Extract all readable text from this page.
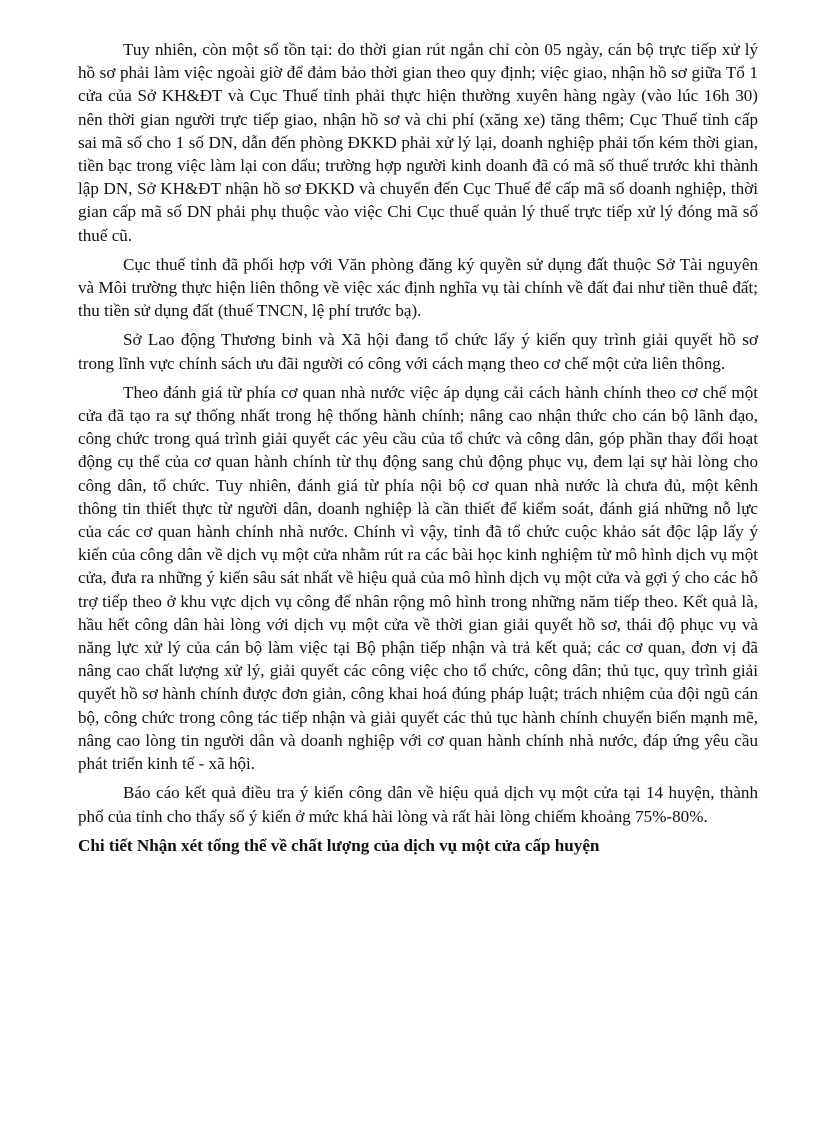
Tuy nhiên, còn một số tồn tại: do thời gian rút ngắn chỉ còn 05 ngày, cán bộ trực tiếp xử lý hồ sơ phải làm việc ngoài giờ để đảm bảo thời gian theo quy định; việc giao, nhận hồ sơ giữa Tổ 1 cửa của Sở KH&ĐT và Cục Thuế tỉnh phải thực hiện thường xuyên hàng ngày (vào lúc 16h 30) nên thời gian người trực tiếp giao, nhận hồ sơ và chi phí (xăng xe) tăng thêm; Cục Thuế tỉnh cấp sai mã số cho 1 số DN, dẫn đến phòng ĐKKD phải xử lý lại, doanh nghiệp phải tốn kém thời gian, tiền bạc trong việc làm lại con dấu; trường hợp người kinh doanh đã có mã số thuế trước khi thành lập DN, Sở KH&ĐT nhận hồ sơ ĐKKD và chuyển đến Cục Thuế để cấp mã số doanh nghiệp, thời gian cấp mã số DN phải phụ thuộc vào việc Chi Cục thuế quản lý thuế trực tiếp xử lý đóng mã số thuế cũ.

Cục thuế tỉnh đã phối hợp với Văn phòng đăng ký quyền sử dụng đất thuộc Sở Tài nguyên và Môi trường thực hiện liên thông về việc xác định nghĩa vụ tài chính về đất đai như tiền thuê đất; thu tiền sử dụng đất (thuế TNCN, lệ phí trước bạ).

Sở Lao động Thương binh và Xã hội đang tổ chức lấy ý kiến quy trình giải quyết hồ sơ trong lĩnh vực chính sách ưu đãi người có công với cách mạng theo cơ chế một cửa liên thông.

Theo đánh giá từ phía cơ quan nhà nước việc áp dụng cải cách hành chính theo cơ chế một cửa đã tạo ra sự thống nhất trong hệ thống hành chính; nâng cao nhận thức cho cán bộ lãnh đạo, công chức trong quá trình giải quyết các yêu cầu của tổ chức và công dân, góp phần thay đổi hoạt động cụ thể của cơ quan hành chính từ thụ động sang chủ động phục vụ, đem lại sự hài lòng cho công dân, tổ chức. Tuy nhiên, đánh giá từ phía nội bộ cơ quan nhà nước là chưa đủ, một kênh thông tin thiết thực từ người dân, doanh nghiệp là cần thiết để kiểm soát, đánh giá những nỗ lực của các cơ quan hành chính nhà nước. Chính vì vậy, tỉnh đã tổ chức cuộc khảo sát độc lập lấy ý kiến của công dân về dịch vụ một cửa nhằm rút ra các bài học kinh nghiệm từ mô hình dịch vụ một cửa, đưa ra những ý kiến sâu sát nhất về hiệu quả của mô hình dịch vụ một cửa và gợi ý cho các hỗ trợ tiếp theo ở khu vực dịch vụ công để nhân rộng mô hình trong những năm tiếp theo. Kết quả là, hầu hết công dân hài lòng với dịch vụ một cửa về thời gian giải quyết hồ sơ, thái độ phục vụ và năng lực xử lý của cán bộ làm việc tại Bộ phận tiếp nhận và trả kết quả; các cơ quan, đơn vị đã nâng cao chất lượng xử lý, giải quyết các công việc cho tổ chức, công dân; thủ tục, quy trình giải quyết hồ sơ hành chính được đơn giản, công khai hoá đúng pháp luật; trách nhiệm của đội ngũ cán bộ, công chức trong công tác tiếp nhận và giải quyết các thủ tục hành chính chuyển biến mạnh mẽ, nâng cao lòng tin người dân và doanh nghiệp với cơ quan hành chính nhà nước, đáp ứng yêu cầu phát triển kinh tế - xã hội.

Báo cáo kết quả điều tra ý kiến công dân về hiệu quả dịch vụ một cửa tại 14 huyện, thành phố của tỉnh cho thấy số ý kiến ở mức khá hài lòng và rất hài lòng chiếm khoảng 75%-80%.

Chi tiết Nhận xét tổng thể về chất lượng của dịch vụ một cửa cấp huyện
